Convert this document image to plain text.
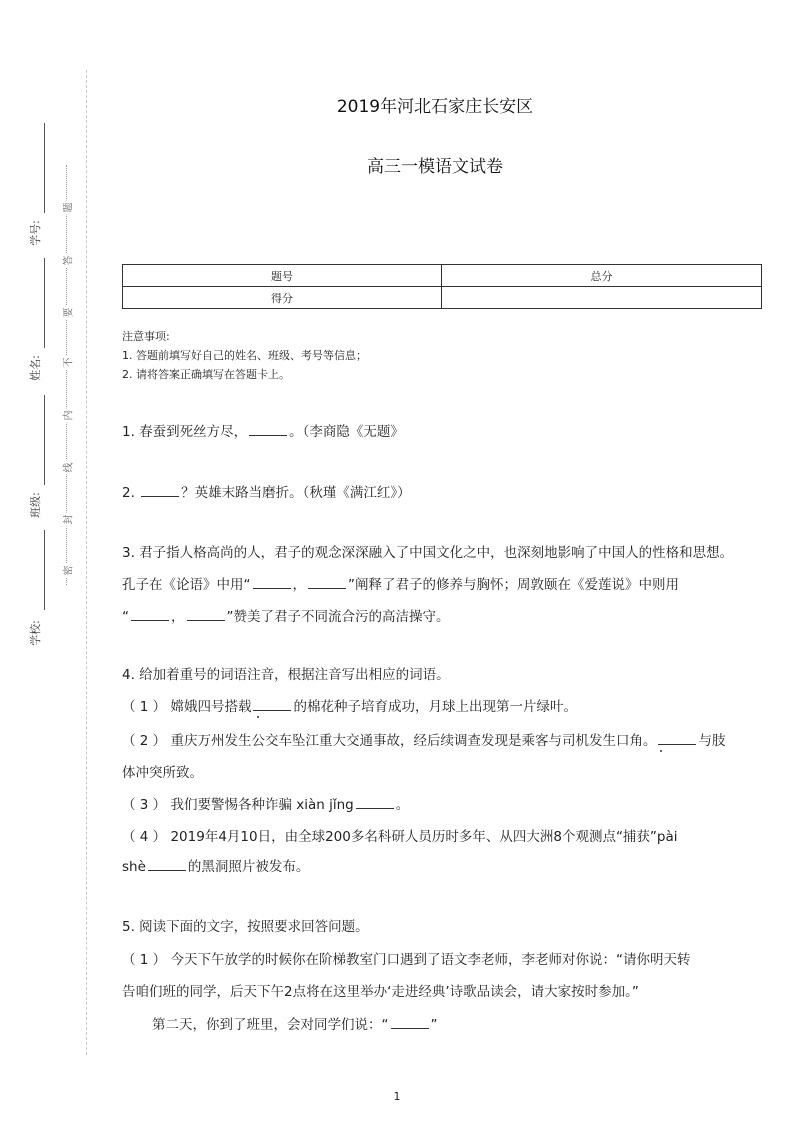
学号:
姓名:
班级:
学校:
题
答
要
不
内
线
封
密
2019年河北石家庄长安区
高三一模语文试卷
题号	总分
得分	
注意事项:
1. 答题前填写好自己的姓名、班级、考号等信息；
2. 请将答案正确填写在答题卡上。
1. 春蚕到死丝方尽，	。（李商隐《无题》
2.	？英雄末路当磨折。（秋瑾《满江红》）
3. 君子指人格高尚的人，君子的观念深深融入了中国文化之中，也深刻地影响了中国人的性格和思想。
孔子在《论语》中用“	，	”阐释了君子的修养与胸怀；周敦颐在《爱莲说》中则用
“	，	”赞美了君子不同流合污的高洁操守。
4. 给加着重号的词语注音，根据注音写出相应的词语。
（ 1 ） 嫦娥四号搭载	的棉花种子培育成功，月球上出现第一片绿叶。
（ 2 ） 重庆万州发生公交车坠江重大交通事故，经后续调查发现是乘客与司机发生口角。	与肢
体冲突所致。
（ 3 ） 我们要警惕各种诈骗 xiàn jǐng	。
（ 4 ） 2019年4月10日，由全球200多名科研人员历时多年、从四大洲8个观测点“捕获”pài
shè	的黑洞照片被发布。
5. 阅读下面的文字，按照要求回答问题。
（ 1 ） 今天下午放学的时候你在阶梯教室门口遇到了语文李老师，李老师对你说：“请你明天转
告咱们班的同学，后天下午2点将在这里举办‘走进经典’诗歌品读会，请大家按时参加。”
第二天，你到了班里，会对同学们说：“	”
1
